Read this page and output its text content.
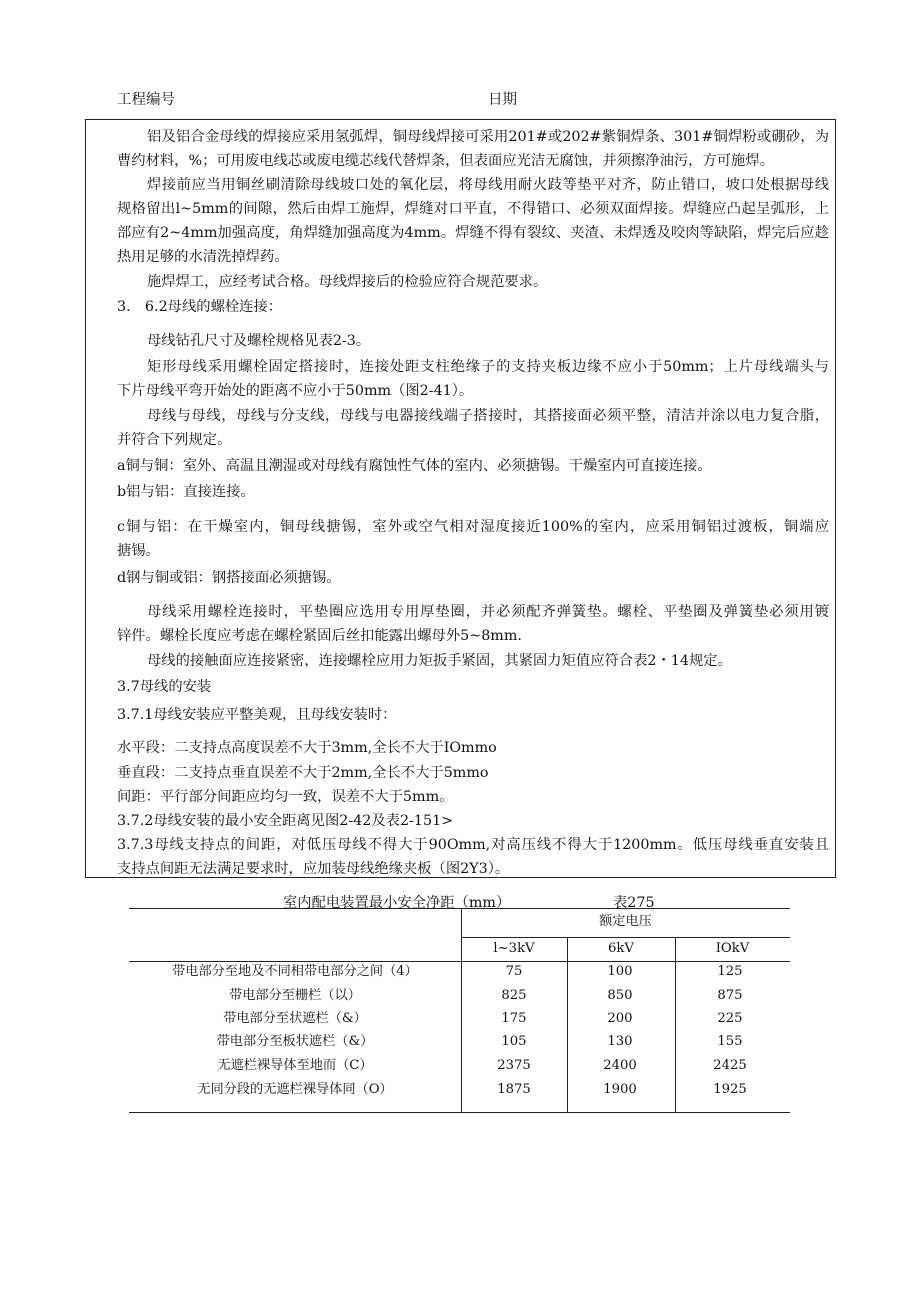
工程编号	日期

铝及铝合金母线的焊接应采用氢弧焊，铜母线焊接可采用201#或202#紫铜焊条、301#铜焊粉或硼砂，为

曹约材料，%；可用废电线芯或废电缆芯线代替焊条，但表面应光洁无腐蚀，并须擦净油污，方可施焊。

焊接前应当用铜丝刷清除母线坡口处的氧化层，将母线用耐火跂等垫平对齐，防止错口，坡口处根据母线

规格留出l~5mm的间隙，然后由焊工施焊，焊缝对口平直，不得错口、必须双面焊接。焊缝应凸起呈弧形，上

部应有2~4mm加强高度，角焊缝加强高度为4mm。焊缝不得有裂纹、夹渣、未焊透及咬肉等缺陷，焊完后应趁

热用足够的水清洗掉焊药。

施焊焊工，应经考试合格。母线焊接后的检验应符合规范要求。

3.　6.2母线的螺栓连接：

母线钻孔尺寸及螺栓规格见表2-3。

矩形母线采用螺栓固定搭接时，连接处距支柱绝缘子的支持夹板边缘不应小于50mm；上片母线端头与

下片母线平弯开始处的距离不应小于50mm（图2-41）。

母线与母线，母线与分支线，母线与电器接线端子搭接时，其搭接面必须平整，清洁并涂以电力复合脂，

并符合下列规定。

a铜与铜：室外、高温且潮湿或对母线有腐蚀性气体的室内、必须搪锡。干燥室内可直接连接。

b铝与铝：直接连接。

c铜与铝：在干燥室内，铜母线搪锡，室外或空气相对湿度接近100%的室内，应采用铜铝过渡板，铜端应

搪锡。

d钢与铜或铝：钢搭接面必须搪锡。

母线采用螺栓连接时，平垫圈应选用专用厚垫圈，并必须配齐弹簧垫。螺栓、平垫圈及弹簧垫必须用镀

锌件。螺栓长度应考虑在螺栓紧固后丝扣能露出螺母外5~8mm.

母线的接触面应连接紧密，连接螺栓应用力矩扳手紧固，其紧固力矩值应符合表2・14规定。

3.7母线的安装

3.7.1母线安装应平整美观，且母线安装时：

水平段：二支持点高度误差不大于3mm,全长不大于IOmmo

垂直段：二支持点垂直误差不大于2mm,全长不大于5mmo

间距：平行部分间距应均匀一致，误差不大于5mm。

3.7.2母线安装的最小安全距离见图2-42及表2-151>

3.7.3母线支持点的间距，对低压母线不得大于90Omm,对高压线不得大于1200mm。低压母线垂直安装且

支持点间距无法满足要求时，应加装母线绝缘夹板（图2Y3）。

室内配电装置最小安全净距（mm）	表275
额定电压
l~3kV	6kV	IOkV
带电部分至地及不同相带电部分之间（4）	75	100	125
带电部分至栅栏（以）	825	850	875
带电部分至状遮栏（&）	175	200	225
带电部分至板状遮栏（&）	105	130	155
无遮栏裸导体至地而（C）	2375	2400	2425
无同分段的无遮栏裸导体同（O）	1875	1900	1925
